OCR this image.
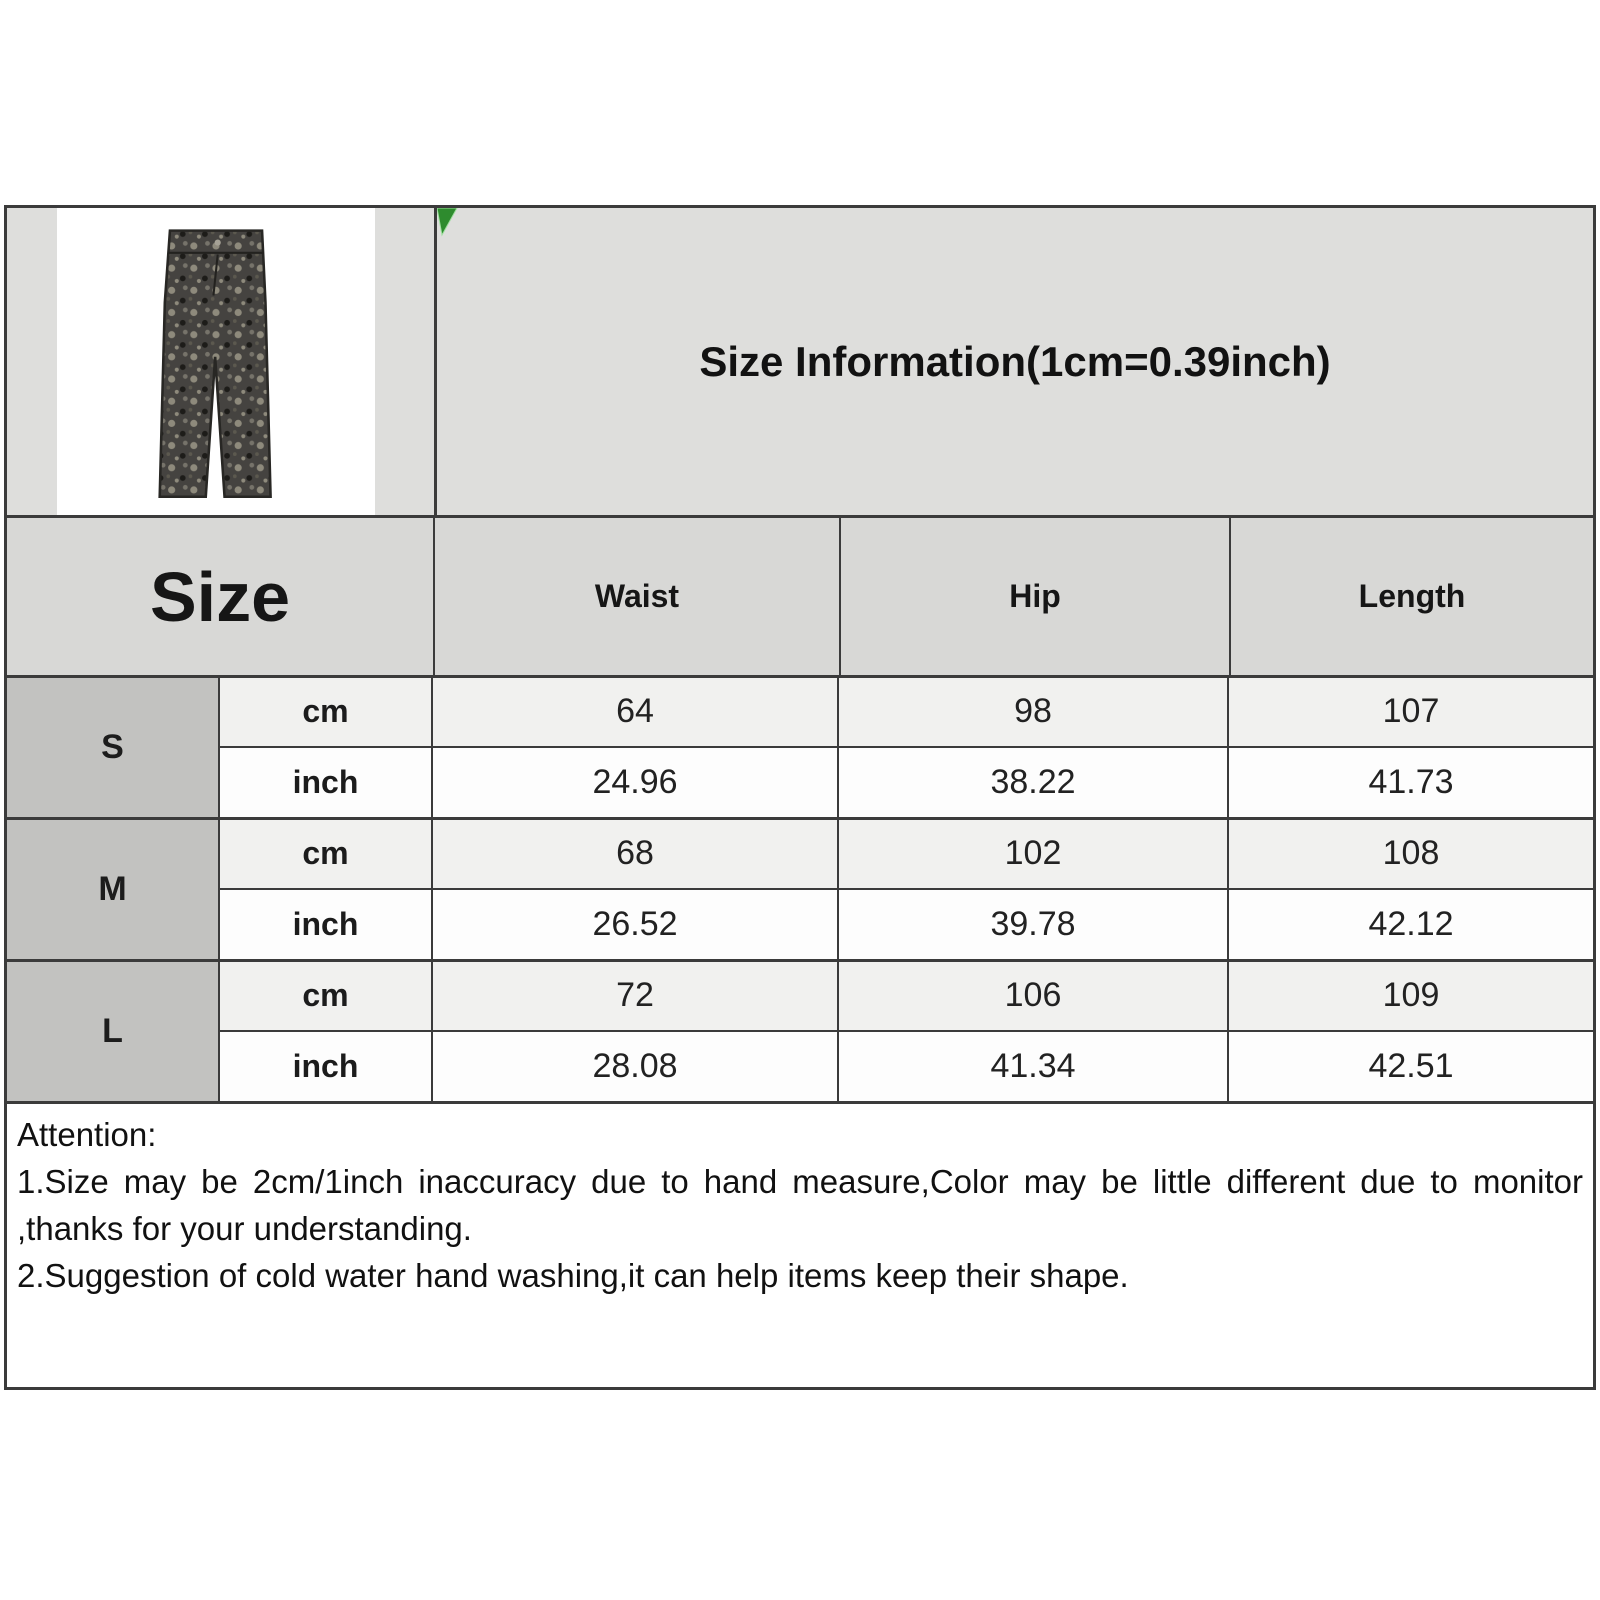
Size Information(1cm=0.39inch)
Size	Waist	Hip	Length
S
cm	64	98	107
inch	24.96	38.22	41.73
M
cm	68	102	108
inch	26.52	39.78	42.12
L
cm	72	106	109
inch	28.08	41.34	42.51
Attention:
1.Size may be 2cm/1inch inaccuracy due to hand measure,Color may be little different due to monitor
,thanks for your understanding.
2.Suggestion of cold water hand washing,it can help items keep their shape.
